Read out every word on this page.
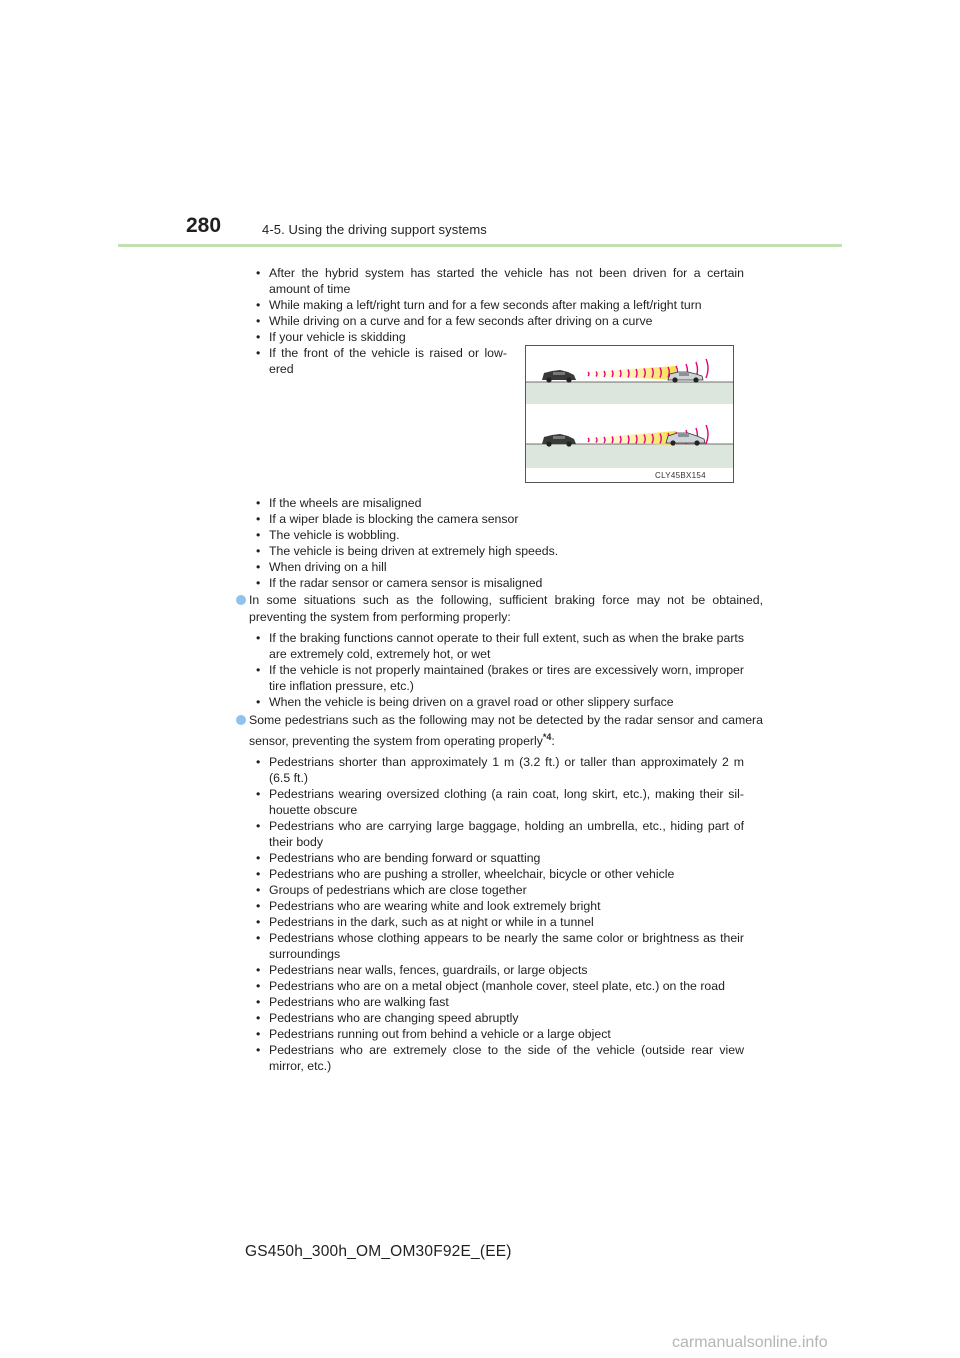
280	4-5. Using the driving support systems
• After the hybrid system has started the vehicle has not been driven for a certain amount of time
• While making a left/right turn and for a few seconds after making a left/right turn
• While driving on a curve and for a few seconds after driving on a curve
• If your vehicle is skidding
• If the front of the vehicle is raised or low-ered
CLY45BX154
• If the wheels are misaligned
• If a wiper blade is blocking the camera sensor
• The vehicle is wobbling.
• The vehicle is being driven at extremely high speeds.
• When driving on a hill
• If the radar sensor or camera sensor is misaligned
In some situations such as the following, sufficient braking force may not be obtained, preventing the system from performing properly:
• If the braking functions cannot operate to their full extent, such as when the brake parts are extremely cold, extremely hot, or wet
• If the vehicle is not properly maintained (brakes or tires are excessively worn, improper tire inflation pressure, etc.)
• When the vehicle is being driven on a gravel road or other slippery surface
Some pedestrians such as the following may not be detected by the radar sensor and camera sensor, preventing the system from operating properly$^{*4}$:
• Pedestrians shorter than approximately 1 m (3.2 ft.) or taller than approximately 2 m (6.5 ft.)
• Pedestrians wearing oversized clothing (a rain coat, long skirt, etc.), making their sil-houette obscure
• Pedestrians who are carrying large baggage, holding an umbrella, etc., hiding part of their body
• Pedestrians who are bending forward or squatting
• Pedestrians who are pushing a stroller, wheelchair, bicycle or other vehicle
• Groups of pedestrians which are close together
• Pedestrians who are wearing white and look extremely bright
• Pedestrians in the dark, such as at night or while in a tunnel
• Pedestrians whose clothing appears to be nearly the same color or brightness as their surroundings
• Pedestrians near walls, fences, guardrails, or large objects
• Pedestrians who are on a metal object (manhole cover, steel plate, etc.) on the road
• Pedestrians who are walking fast
• Pedestrians who are changing speed abruptly
• Pedestrians running out from behind a vehicle or a large object
• Pedestrians who are extremely close to the side of the vehicle (outside rear view mirror, etc.)
GS450h_300h_OM_OM30F92E_(EE)
carmanualsonline.info
